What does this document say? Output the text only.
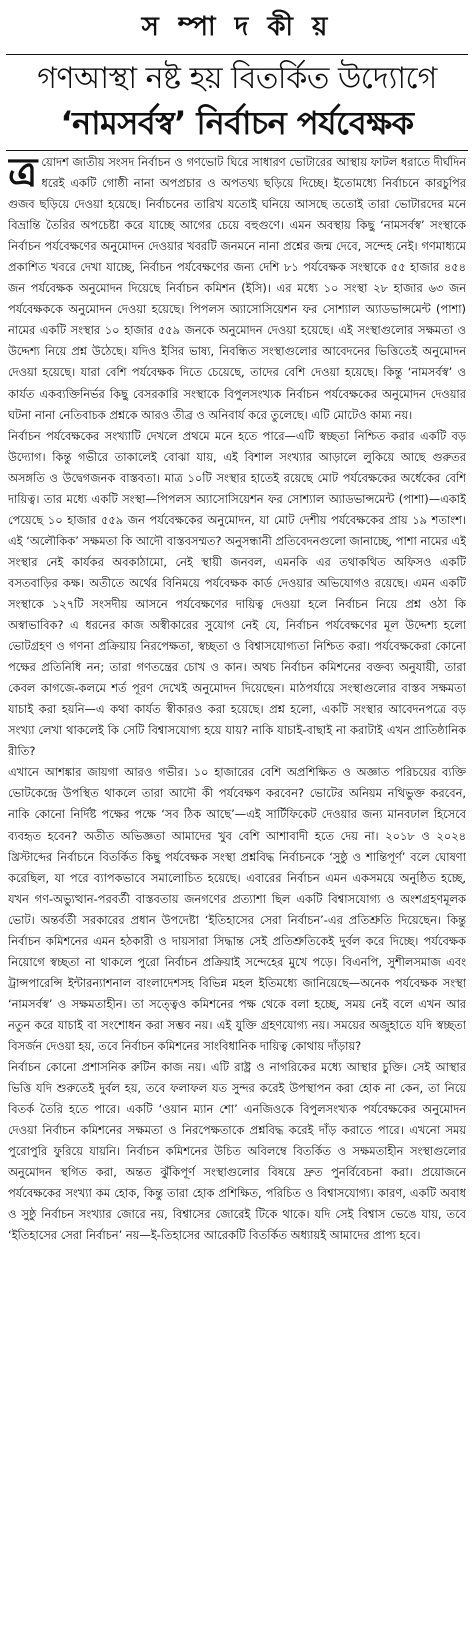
স ম্পা দ কী য়
গণআস্থা নষ্ট হয় বিতর্কিত উদ্যোগে
‘নামসর্বস্ব’ নির্বাচন পর্যবেক্ষক

ত্র য়োদশ জাতীয় সংসদ নির্বাচন ও গণভোট ঘিরে সাধারণ ভোটারের আস্থায় ফাটল ধরাতে দীর্ঘদিন ধরেই একটি গোষ্ঠী নানা অপপ্রচার ও অপতথ্য ছড়িয়ে দিচ্ছে। ইতোমধ্যে নির্বাচনে কারচুপির গুজব ছড়িয়ে দেওয়া হয়েছে। নির্বাচনের তারিখ যতোই ঘনিয়ে আসছে ততোই তারা ভোটারদের মনে বিভ্রান্তি তৈরির অপচেষ্টা করে যাচ্ছে আগের চেয়ে বহুগুণে। এমন অবস্থায় কিছু ‘নামসর্বস্ব’ সংস্থাকে নির্বাচন পর্যবেক্ষণের অনুমোদন দেওয়ার খবরটি জনমনে নানা প্রশ্নের জন্ম দেবে, সন্দেহ নেই। গণমাধ্যমে প্রকাশিত খবরে দেখা যাচ্ছে, নির্বাচন পর্যবেক্ষণের জন্য দেশি ৮১ পর্যবেক্ষক সংস্থাকে ৫৫ হাজার ৪৫৪ জন পর্যবেক্ষক অনুমোদন দিয়েছে নির্বাচন কমিশন (ইসি)। এর মধ্যে ১০ সংস্থা ২৮ হাজার ৬৩ জন পর্যবেক্ষককে অনুমোদন দেওয়া হয়েছে। পিপলস অ্যাসোসিয়েশন ফর সোশ্যাল অ্যাডভান্সমেন্ট (পাশা) নামের একটি সংস্থার ১০ হাজার ৫৫৯ জনকে অনুমোদন দেওয়া হয়েছে। এই সংস্থাগুলোর সক্ষমতা ও উদ্দেশ্য নিয়ে প্রশ্ন উঠেছে। যদিও ইসির ভাষ্য, নিবন্ধিত সংস্থাগুলোর আবেদনের ভিত্তিতেই অনুমোদন দেওয়া হয়েছে। যারা বেশি পর্যবেক্ষক দিতে চেয়েছে, তাদের বেশি দেওয়া হয়েছে। কিন্তু ‘নামসর্বস্ব’ ও কার্যত একব্যক্তিনির্ভর কিছু বেসরকারি সংস্থাকে বিপুলসংখ্যক নির্বাচন পর্যবেক্ষকের অনুমোদন দেওয়ার ঘটনা নানা নেতিবাচক প্রশ্নকে আরও তীব্র ও অনিবার্য করে তুলেছে। এটি মোটেও কাম্য নয়।

নির্বাচন পর্যবেক্ষকের সংখ্যাটি দেখলে প্রথমে মনে হতে পারে—এটি স্বচ্ছতা নিশ্চিত করার একটি বড় উদ্যোগ। কিন্তু গভীরে তাকালেই বোঝা যায়, এই বিশাল সংখ্যার আড়ালে লুকিয়ে আছে গুরুতর অসঙ্গতি ও উদ্বেগজনক বাস্তবতা। মাত্র ১০টি সংস্থার হাতেই রয়েছে মোট পর্যবেক্ষকের অর্ধেকের বেশি দায়িত্ব। তার মধ্যে একটি সংস্থা—পিপলস অ্যাসোসিয়েশন ফর সোশ্যাল অ্যাডভান্সমেন্ট (পাশা)—একাই পেয়েছে ১০ হাজার ৫৫৯ জন পর্যবেক্ষকের অনুমোদন, যা মোট দেশীয় পর্যবেক্ষকের প্রায় ১৯ শতাংশ। এই ‘অলৌকিক’ সক্ষমতা কি আদৌ বাস্তবসম্মত? অনুসন্ধানী প্রতিবেদনগুলো জানাচ্ছে, পাশা নামের এই সংস্থার নেই কার্যকর অবকাঠামো, নেই স্থায়ী জনবল, এমনকি এর তথাকথিত অফিসও একটি বসতবাড়ির কক্ষ। অতীতে অর্থের বিনিময়ে পর্যবেক্ষক কার্ড দেওয়ার অভিযোগও রয়েছে। এমন একটি সংস্থাকে ১২৭টি সংসদীয় আসনে পর্যবেক্ষণের দায়িত্ব দেওয়া হলে নির্বাচন নিয়ে প্রশ্ন ওঠা কি অস্বাভাবিক? এ ধরনের কাজ অস্বীকারের সুযোগ নেই যে, নির্বাচন পর্যবেক্ষণের মূল উদ্দেশ্য হলো ভোটগ্রহণ ও গণনা প্রক্রিয়ায় নিরপেক্ষতা, স্বচ্ছতা ও বিশ্বাসযোগ্যতা নিশ্চিত করা। পর্যবেক্ষকেরা কোনো পক্ষের প্রতিনিধি নন; তারা গণতন্ত্রের চোখ ও কান। অথচ নির্বাচন কমিশনের বক্তব্য অনুযায়ী, তারা কেবল কাগজে-কলমে শর্ত পূরণ দেখেই অনুমোদন দিয়েছেন। মাঠপর্যায়ে সংস্থাগুলোর বাস্তব সক্ষমতা যাচাই করা হয়নি—এ কথা কার্যত স্বীকারও করা হয়েছে। প্রশ্ন হলো, একটি সংস্থার আবেদনপত্রে বড় সংখ্যা লেখা থাকলেই কি সেটি বিশ্বাসযোগ্য হয়ে যায়? নাকি যাচাই-বাছাই না করাটাই এখন প্রাতিষ্ঠানিক রীতি?

এখানে আশঙ্কার জায়গা আরও গভীর। ১০ হাজারের বেশি অপ্রশিক্ষিত ও অজ্ঞাত পরিচয়ের ব্যক্তি ভোটকেন্দ্রে উপস্থিত থাকলে তারা আদৌ কী পর্যবেক্ষণ করবেন? ভোটের অনিয়ম নথিভুক্ত করবেন, নাকি কোনো নির্দিষ্ট পক্ষের পক্ষে ‘সব ঠিক আছে’—এই সার্টিফিকেট দেওয়ার জন্য মানবঢাল হিসেবে ব্যবহৃত হবেন? অতীত অভিজ্ঞতা আমাদের খুব বেশি আশাবাদী হতে দেয় না। ২০১৮ ও ২০২৪ খ্রিস্টাব্দের নির্বাচনে বিতর্কিত কিছু পর্যবেক্ষক সংস্থা প্রশ্নবিদ্ধ নির্বাচনকে ‘সুষ্ঠু ও শান্তিপূর্ণ’ বলে ঘোষণা করেছিল, যা পরে ব্যাপকভাবে সমালোচিত হয়েছে। এবারের নির্বাচন এমন একসময়ে অনুষ্ঠিত হচ্ছে, যখন গণ-অভ্যুত্থান-পরবর্তী বাস্তবতায় জনগণের প্রত্যাশা ছিল একটি বিশ্বাসযোগ্য ও অংশগ্রহণমূলক ভোট। অন্তর্বর্তী সরকারের প্রধান উপদেষ্টা ‘ইতিহাসের সেরা নির্বাচন’-এর প্রতিশ্রুতি দিয়েছেন। কিন্তু নির্বাচন কমিশনের এমন হঠকারী ও দায়সারা সিদ্ধান্ত সেই প্রতিশ্রুতিকেই দুর্বল করে দিচ্ছে। পর্যবেক্ষক নিয়োগে স্বচ্ছতা না থাকলে পুরো নির্বাচন প্রক্রিয়াই সন্দেহের মুখে পড়ে। বিএনপি, সুশীলসমাজ এবং ট্রান্সপারেন্সি ইন্টারন্যাশনাল বাংলাদেশসহ বিভিন্ন মহল ইতিমধ্যে জানিয়েছে—অনেক পর্যবেক্ষক সংস্থা ‘নামসর্বস্ব’ ও সক্ষমতাহীন। তা সত্ত্বেও কমিশনের পক্ষ থেকে বলা হচ্ছে, সময় নেই বলে এখন আর নতুন করে যাচাই বা সংশোধন করা সম্ভব নয়। এই যুক্তি গ্রহণযোগ্য নয়। সময়ের অজুহাতে যদি স্বচ্ছতা বিসর্জন দেওয়া হয়, তবে নির্বাচন কমিশনের সাংবিধানিক দায়িত্ব কোথায় দাঁড়ায়?

নির্বাচন কোনো প্রশাসনিক রুটিন কাজ নয়। এটি রাষ্ট্র ও নাগরিকের মধ্যে আস্থার চুক্তি। সেই আস্থার ভিত্তি যদি শুরুতেই দুর্বল হয়, তবে ফলাফল যত সুন্দর করেই উপস্থাপন করা হোক না কেন, তা নিয়ে বিতর্ক তৈরি হতে পারে। একটি ‘ওয়ান ম্যান শো’ এনজিওকে বিপুলসংখ্যক পর্যবেক্ষকের অনুমোদন দেওয়া নির্বাচন কমিশনের সক্ষমতা ও নিরপেক্ষতাকে প্রশ্নবিদ্ধ করেই দাঁড় করাতে পারে। এখনো সময় পুরোপুরি ফুরিয়ে যায়নি। নির্বাচন কমিশনের উচিত অবিলম্বে বিতর্কিত ও সক্ষমতাহীন সংস্থাগুলোর অনুমোদন স্থগিত করা, অন্তত ঝুঁকিপূর্ণ সংস্থাগুলোর বিষয়ে দ্রুত পুনর্বিবেচনা করা। প্রয়োজনে পর্যবেক্ষকের সংখ্যা কম হোক, কিন্তু তারা হোক প্রশিক্ষিত, পরিচিত ও বিশ্বাসযোগ্য। কারণ, একটি অবাধ ও সুষ্ঠু নির্বাচন সংখ্যার জোরে নয়, বিশ্বাসের জোরেই টিকে থাকে। যদি সেই বিশ্বাস ভেঙে যায়, তবে ‘ইতিহাসের সেরা নির্বাচন’ নয়—ই-তিহাসের আরেকটি বিতর্কিত অধ্যায়ই আমাদের প্রাপ্য হবে।
